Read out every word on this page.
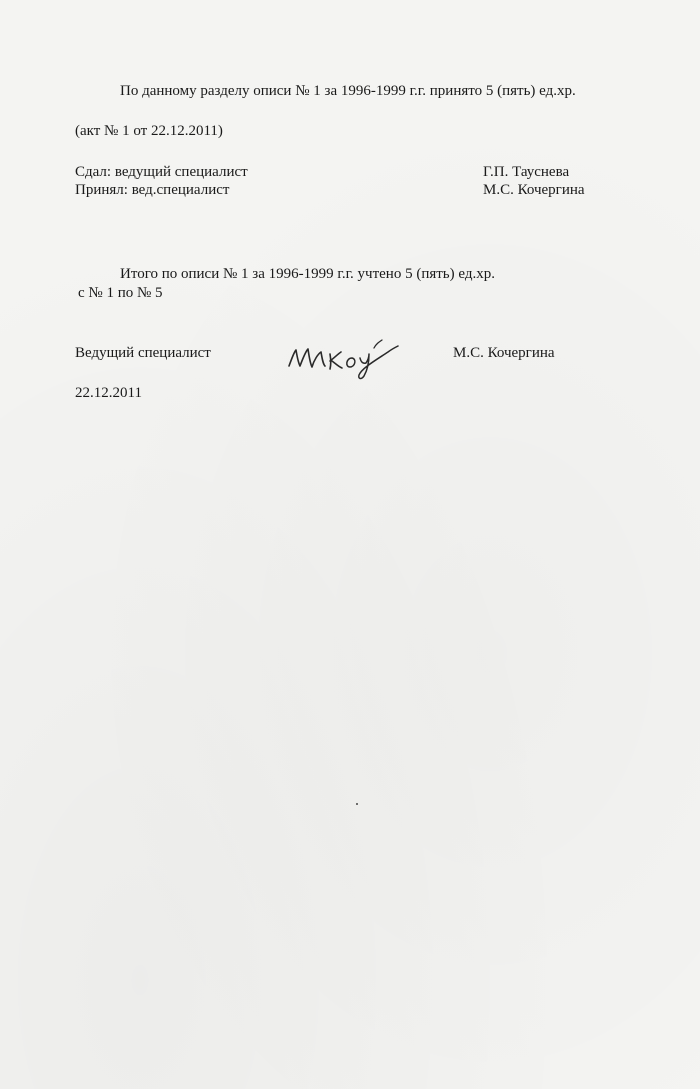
По данному разделу описи № 1 за 1996-1999 г.г. принято 5 (пять) ед.хр.
(акт № 1 от 22.12.2011)
Сдал: ведущий специалист	Г.П. Тауснева
Принял: вед.специалист	М.С. Кочергина
Итого по описи № 1 за 1996-1999 г.г. учтено 5 (пять) ед.хр.
с № 1 по № 5
Ведущий специалист	М.С. Кочергина
22.12.2011
